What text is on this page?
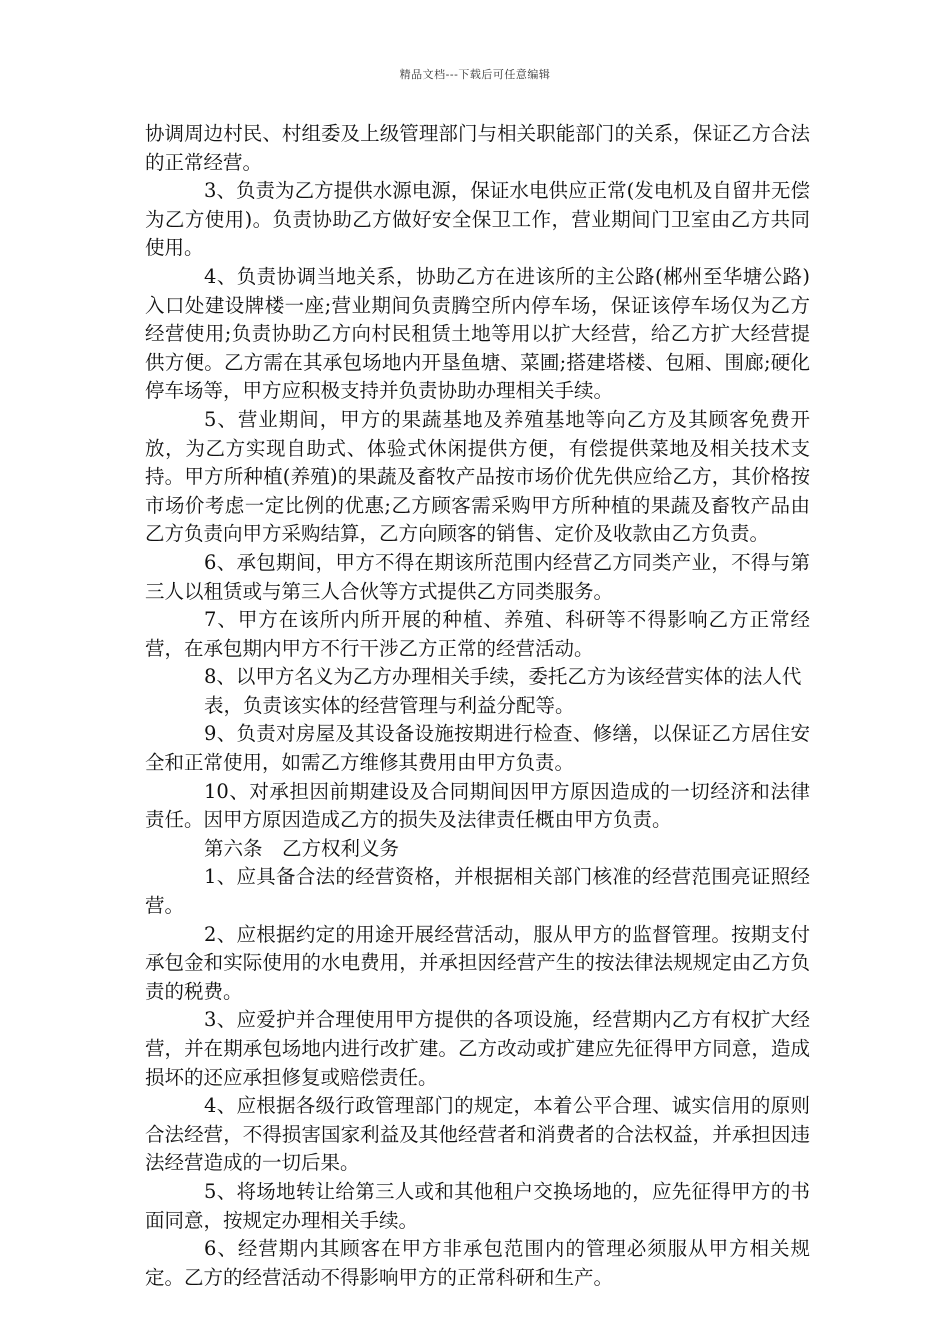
精品文档---下载后可任意编辑

协调周边村民、村组委及上级管理部门与相关职能部门的关系，保证乙方合法的正常经营。

3、负责为乙方提供水源电源，保证水电供应正常(发电机及自留井无偿为乙方使用)。负责协助乙方做好安全保卫工作，营业期间门卫室由乙方共同使用。

4、负责协调当地关系，协助乙方在进该所的主公路(郴州至华塘公路)入口处建设牌楼一座;营业期间负责腾空所内停车场，保证该停车场仅为乙方经营使用;负责协助乙方向村民租赁土地等用以扩大经营，给乙方扩大经营提供方便。乙方需在其承包场地内开垦鱼塘、菜圃;搭建塔楼、包厢、围廊;硬化停车场等，甲方应积极支持并负责协助办理相关手续。

5、营业期间，甲方的果蔬基地及养殖基地等向乙方及其顾客免费开放，为乙方实现自助式、体验式休闲提供方便，有偿提供菜地及相关技术支持。甲方所种植(养殖)的果蔬及畜牧产品按市场价优先供应给乙方，其价格按市场价考虑一定比例的优惠;乙方顾客需采购甲方所种植的果蔬及畜牧产品由乙方负责向甲方采购结算，乙方向顾客的销售、定价及收款由乙方负责。

6、承包期间，甲方不得在期该所范围内经营乙方同类产业，不得与第三人以租赁或与第三人合伙等方式提供乙方同类服务。

7、甲方在该所内所开展的种植、养殖、科研等不得影响乙方正常经营，在承包期内甲方不行干涉乙方正常的经营活动。

8、以甲方名义为乙方办理相关手续，委托乙方为该经营实体的法人代

表，负责该实体的经营管理与利益分配等。

9、负责对房屋及其设备设施按期进行检查、修缮，以保证乙方居住安全和正常使用，如需乙方维修其费用由甲方负责。

10、对承担因前期建设及合同期间因甲方原因造成的一切经济和法律责任。因甲方原因造成乙方的损失及法律责任概由甲方负责。

第六条　乙方权利义务

1、应具备合法的经营资格，并根据相关部门核准的经营范围亮证照经营。

2、应根据约定的用途开展经营活动，服从甲方的监督管理。按期支付承包金和实际使用的水电费用，并承担因经营产生的按法律法规规定由乙方负责的税费。

3、应爱护并合理使用甲方提供的各项设施，经营期内乙方有权扩大经营，并在期承包场地内进行改扩建。乙方改动或扩建应先征得甲方同意，造成损坏的还应承担修复或赔偿责任。

4、应根据各级行政管理部门的规定，本着公平合理、诚实信用的原则合法经营，不得损害国家利益及其他经营者和消费者的合法权益，并承担因违法经营造成的一切后果。

5、将场地转让给第三人或和其他租户交换场地的，应先征得甲方的书面同意，按规定办理相关手续。

6、经营期内其顾客在甲方非承包范围内的管理必须服从甲方相关规定。乙方的经营活动不得影响甲方的正常科研和生产。
